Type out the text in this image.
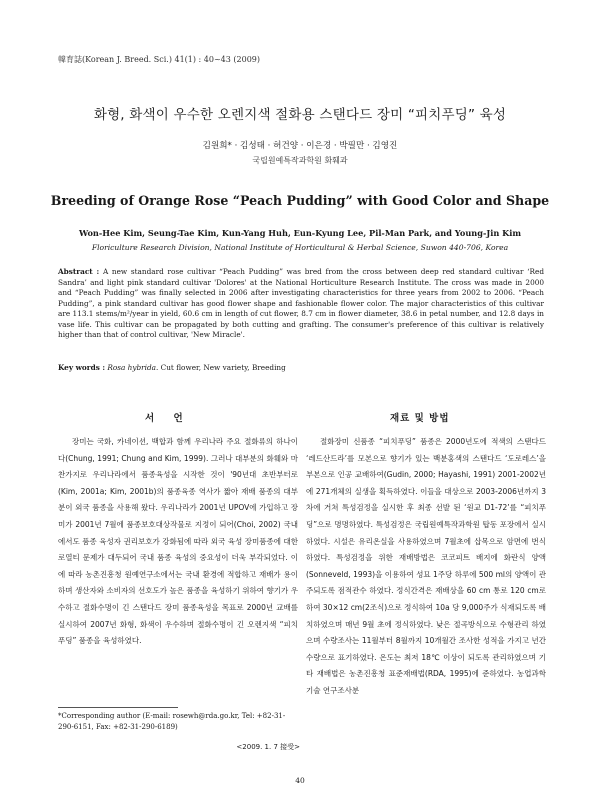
韓育誌(Korean J. Breed. Sci.) 41(1) : 40~43 (2009)
화형, 화색이 우수한 오렌지색 절화용 스탠다드 장미 “피치푸딩” 육성
김원희* · 김성태 · 허건양 · 이은경 · 박필만 · 김영진
국립원예특작과학원 화훼과
Breeding of Orange Rose “Peach Pudding” with Good Color and Shape
Won-Hee Kim, Seung-Tae Kim, Kun-Yang Huh, Eun-Kyung Lee, Pil-Man Park, and Young-Jin Kim
Floriculture Research Division, National Institute of Horticultural & Herbal Science, Suwon 440-706, Korea
Abstract : A new standard rose cultivar “Peach Pudding” was bred from the cross between deep red standard cultivar ‘Red Sandra’ and light pink standard cultivar 'Dolores' at the National Horticulture Research Institute. The cross was made in 2000 and “Peach Pudding” was finally selected in 2006 after investigating characteristics for three years from 2002 to 2006. “Peach Pudding”, a pink standard cultivar has good flower shape and fashionable flower color. The major characteristics of this cultivar are 113.1 stems/m²/year in yield, 60.6 cm in length of cut flower, 8.7 cm in flower diameter, 38.6 in petal number, and 12.8 days in vase life. This cultivar can be propagated by both cutting and grafting. The consumer's preference of this cultivar is relatively higher than that of control cultivar, 'New Miracle'.
Key words : Rosa hybrida. Cut flower, New variety, Breeding
서 언	재료 및 방법
장미는 국화, 카네이션, 백합과 함께 우리나라 주요 절화류의 하나이다(Chung, 1991; Chung and Kim, 1999). 그러나 대부분의 화훼와 마찬가지로 우리나라에서 품종육성을 시작한 것이 '90년대 초반부터로(Kim, 2001a; Kim, 2001b)의 품종육종 역사가 짧아 재배 품종의 대부분이 외국 품종을 사용해 왔다. 우리나라가 2001년 UPOV에 가입하고 장미가 2001년 7월에 품종보호대상작물로 지정이 되어(Choi, 2002) 국내에서도 품종 육성자 권리보호가 강화됨에 따라 외국 육성 장미품종에 대한 로열티 문제가 대두되어 국내 품종 육성의 중요성이 더욱 부각되었다. 이에 따라 농촌진흥청 원예연구소에서는 국내 환경에 적합하고 재배가 용이하며 생산자와 소비자의 선호도가 높은 품종을 육성하기 위하여 향기가 우수하고 절화수명이 긴 스탠다드 장미 품종육성을 목표로 2000년 교배를 실시하여 2007년 화형, 화색이 우수하며 절화수명이 긴 오렌지색 “피치푸딩” 품종을 육성하였다.
절화장미 신품종 “피치푸딩” 품종은 2000년도에 적색의 스탠다드 ‘레드산드라’를 모본으로 향기가 있는 백분홍색의 스탠다드 ‘도로레스’을 부본으로 인공 교배하여(Gudin, 2000; Hayashi, 1991) 2001-2002년에 271개체의 실생을 획득하였다. 이들을 대상으로 2003-2006년까지 3차에 거쳐 특성검정을 실시한 후 최종 선발 된 ‘원교 D1-72’를 “피치푸딩”으로 명명하였다. 특성검정은 국립원예특작과학원 탑동 포장에서 실시하였다. 시설은 유리온실을 사용하였으며 7월초에 삽목으로 암면에 번식하였다. 특성검정을 위한 재배방법은 코코피트 배지에 화란식 양액(Sonneveld, 1993)을 이용하여 성묘 1주당 하루에 500 ml의 양액이 관주되도록 점적관수 하였다. 정식간격은 재배상을 60 cm 통로 120 cm로 하여 30×12 cm(2조식)으로 정식하여 10a 당 9,000주가 식재되도록 배치하였으며 매년 9월 초에 정식하였다. 낮은 절곡방식으로 수형관리 하였으며 수량조사는 11월부터 8월까지 10개월간 조사한 성적을 가지고 년간 수량으로 표기하였다. 온도는 최저 18℃ 이상이 되도록 관리하였으며 기타 재배법은 농촌진흥청 표준재배법(RDA, 1995)에 준하였다. 농업과학 기술 연구조사분
*Corresponding author (E-mail: rosewh@rda.go.kr, Tel: +82-31-290-6151, Fax: +82-31-290-6189)
<2009. 1. 7 接受>
40
